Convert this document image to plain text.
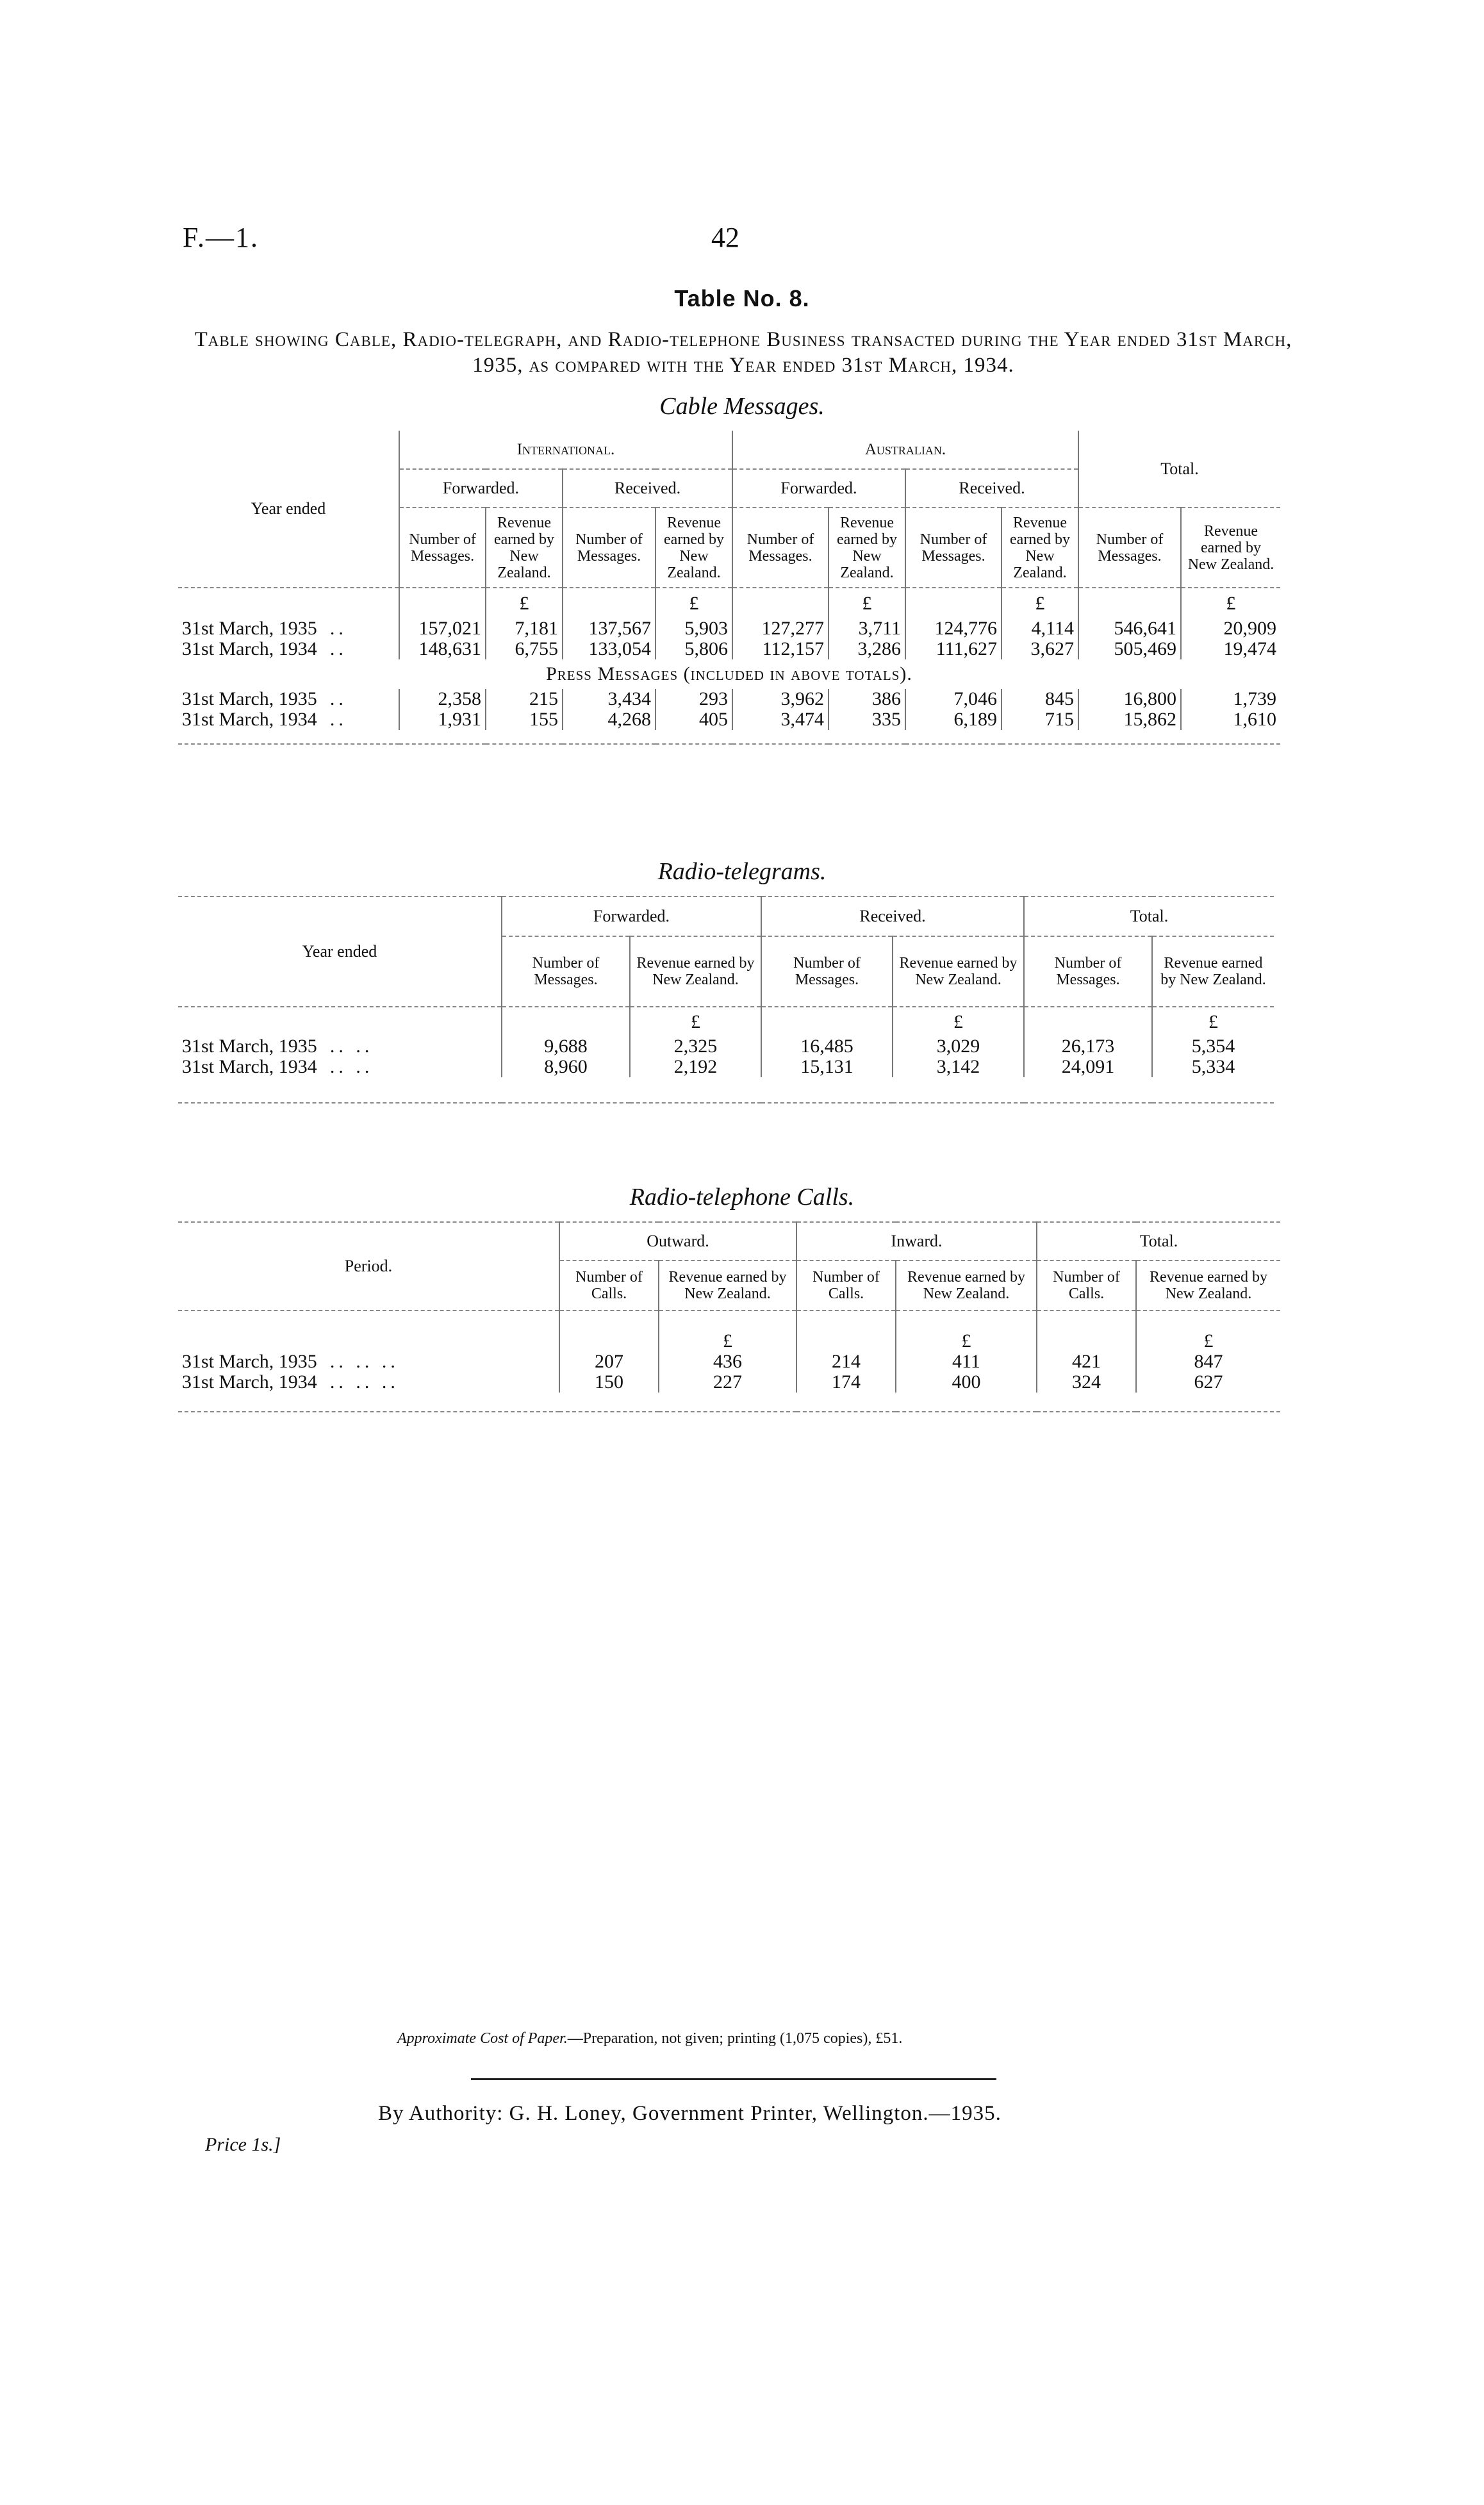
F.—1.	42
Table No. 8.
Table showing Cable, Radio-telegraph, and Radio-telephone Business transacted during the Year ended 31st March, 1935, as compared with the Year ended 31st March, 1934.
Cable Messages.
Year ended	International.				Australian.				Total.	
	Forwarded.		Received.		Forwarded.		Received.			
	Number of Messages.	Revenue earned by New Zealand.	Number of Messages.	Revenue earned by New Zealand.	Number of Messages.	Revenue earned by New Zealand.	Number of Messages.	Revenue earned by New Zealand.	Number of Messages.	Revenue earned by New Zealand.
		£		£		£		£		£
31st March, 1935 ..	157,021	7,181	137,567	5,903	127,277	3,711	124,776	4,114	546,641	20,909
31st March, 1934 ..	148,631	6,755	133,054	5,806	112,157	3,286	111,627	3,627	505,469	19,474
Press Messages (included in above totals).										
31st March, 1935 ..	2,358	215	3,434	293	3,962	386	7,046	845	16,800	1,739
31st March, 1934 ..	1,931	155	4,268	405	3,474	335	6,189	715	15,862	1,610

Radio-telegrams.
Year ended	Forwarded.		Received.		Total.	
	Number of Messages.	Revenue earned by New Zealand.	Number of Messages.	Revenue earned by New Zealand.	Number of Messages.	Revenue earned by New Zealand.
		£		£		£
31st March, 1935 .. ..	9,688	2,325	16,485	3,029	26,173	5,354
31st March, 1934 .. ..	8,960	2,192	15,131	3,142	24,091	5,334

Radio-telephone Calls.
Period.	Outward.		Inward.		Total.	
	Number of Calls.	Revenue earned by New Zealand.	Number of Calls.	Revenue earned by New Zealand.	Number of Calls.	Revenue earned by New Zealand.
		£		£		£
31st March, 1935 .. .. ..	207	436	214	411	421	847
31st March, 1934 .. .. ..	150	227	174	400	324	627

Approximate Cost of Paper.—Preparation, not given; printing (1,075 copies), £51.
By Authority: G. H. Loney, Government Printer, Wellington.—1935.
Price 1s.]
